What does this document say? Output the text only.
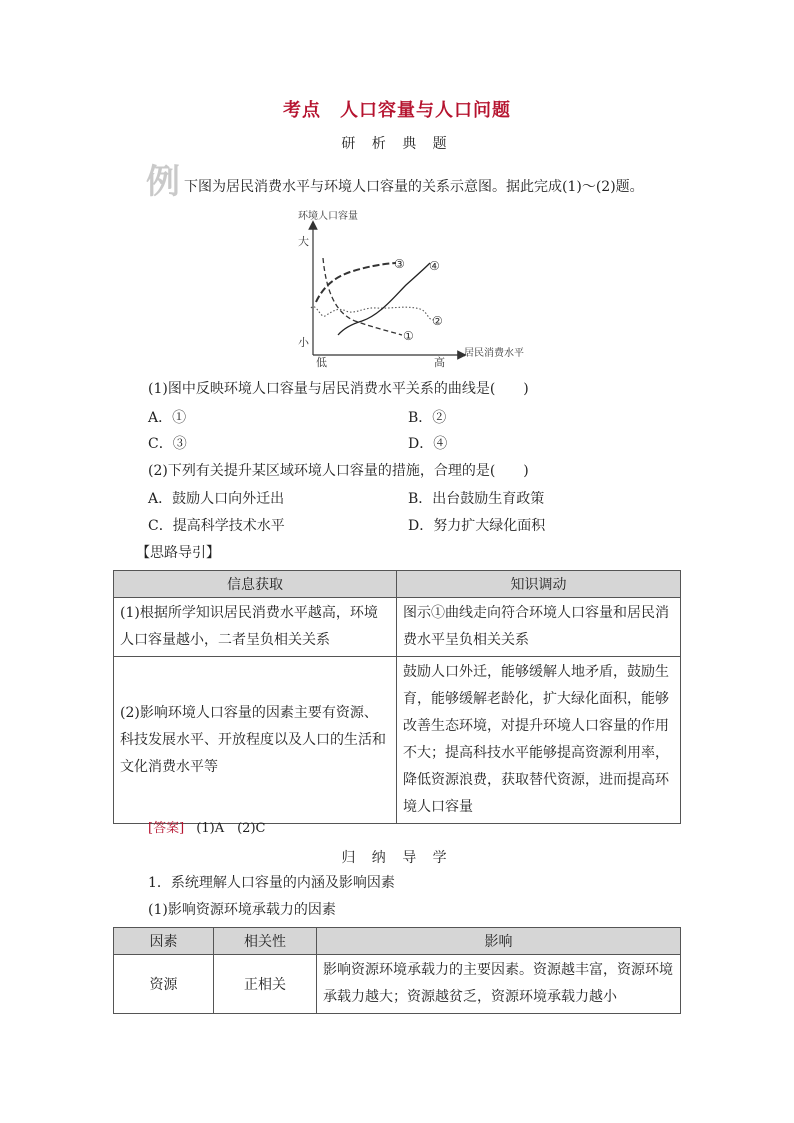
考点　人口容量与人口问题
研 析 典 题
例 下图为居民消费水平与环境人口容量的关系示意图。据此完成(1)～(2)题。
环境人口容量
大
小
低	高
居民消费水平
①
②
③ ④
(1)图中反映环境人口容量与居民消费水平关系的曲线是(　　)
A．①	B．②
C．③	D．④
(2)下列有关提升某区域环境人口容量的措施，合理的是(　　)
A．鼓励人口向外迁出	B．出台鼓励生育政策
C．提高科学技术水平	D．努力扩大绿化面积
【思路导引】
信息获取	知识调动
(1)根据所学知识居民消费水平越高，环境人口容量越小，二者呈负相关关系	图示①曲线走向符合环境人口容量和居民消费水平呈负相关关系
(2)影响环境人口容量的因素主要有资源、科技发展水平、开放程度以及人口的生活和文化消费水平等	鼓励人口外迁，能够缓解人地矛盾，鼓励生育，能够缓解老龄化，扩大绿化面积，能够改善生态环境，对提升环境人口容量的作用不大；提高科技水平能够提高资源利用率，降低资源浪费，获取替代资源，进而提高环境人口容量
[答案] (1)A　(2)C
归 纳 导 学
1．系统理解人口容量的内涵及影响因素
(1)影响资源环境承载力的因素
因素	相关性	影响
资源	正相关	影响资源环境承载力的主要因素。资源越丰富，资源环境承载力越大；资源越贫乏，资源环境承载力越小
